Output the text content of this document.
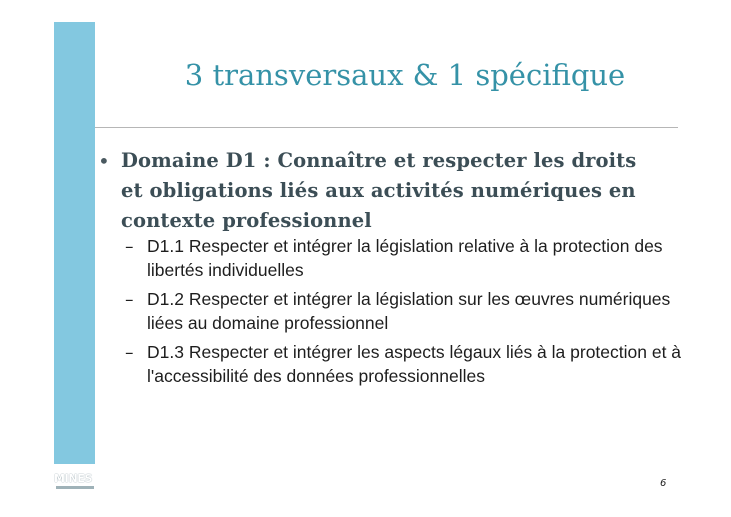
MINES
3 transversaux & 1 spécifique
• Domaine D1 : Connaître et respecter les droits et obligations liés aux activités numériques en contexte professionnel
– D1.1 Respecter et intégrer la législation relative à la protection des libertés individuelles
– D1.2 Respecter et intégrer la législation sur les œuvres numériques liées au domaine professionnel
– D1.3 Respecter et intégrer les aspects légaux liés à la protection et à l'accessibilité des données professionnelles
6
